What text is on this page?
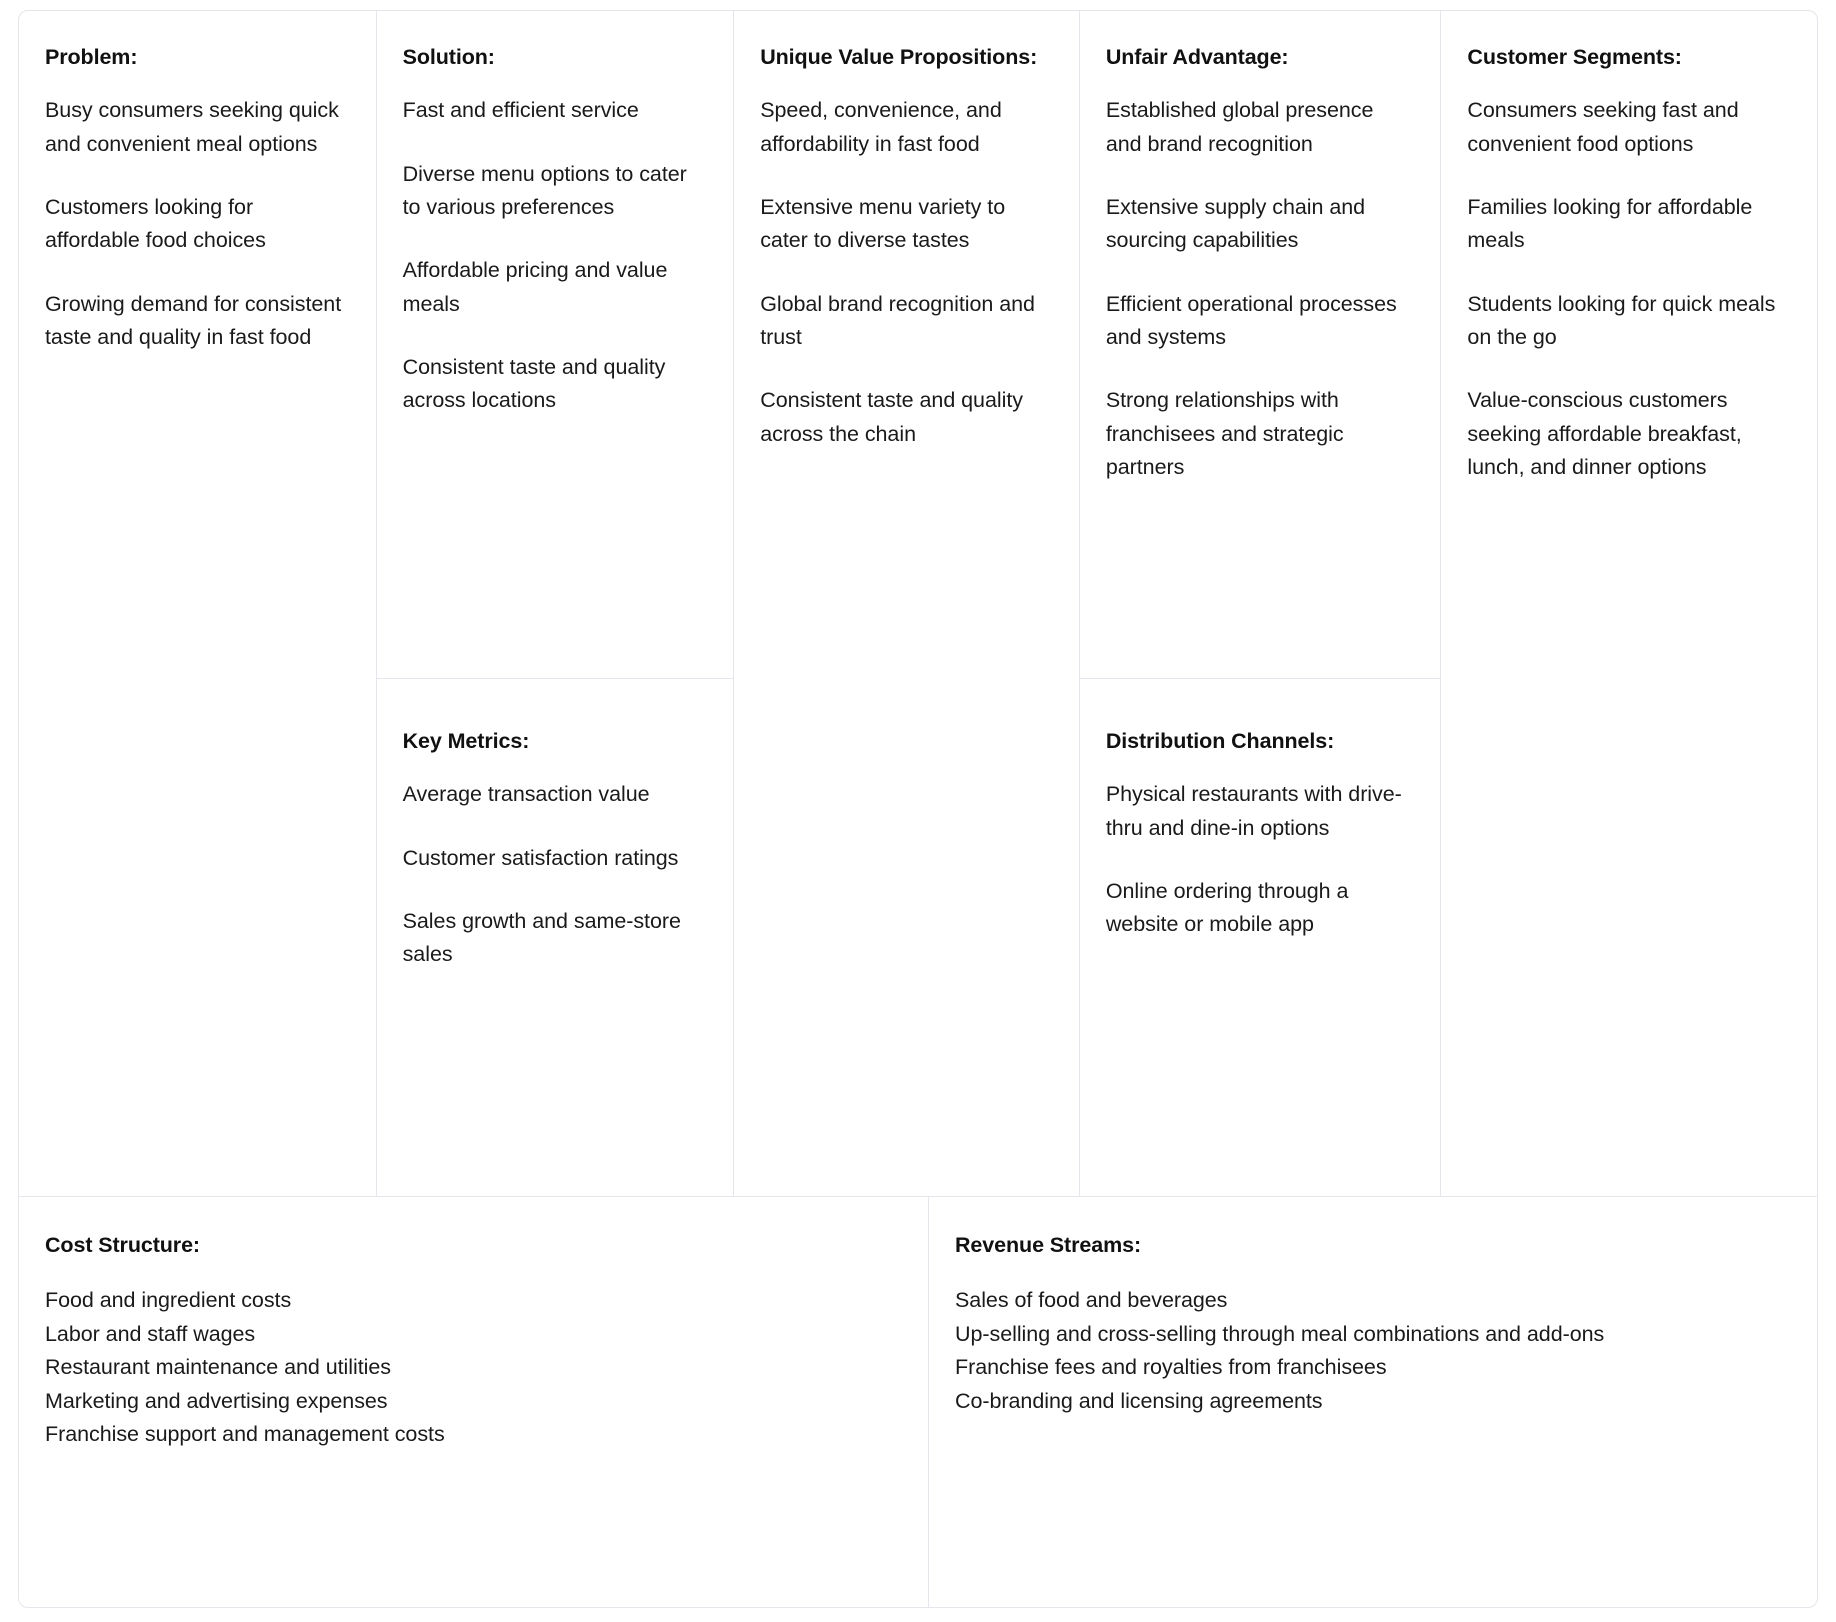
Problem:

Busy consumers seeking quick and convenient meal options

Customers looking for affordable food choices

Growing demand for consistent taste and quality in fast food

Solution:

Fast and efficient service

Diverse menu options to cater to various preferences

Affordable pricing and value meals

Consistent taste and quality across locations

Key Metrics:

Average transaction value

Customer satisfaction ratings

Sales growth and same-store sales

Unique Value Propositions:

Speed, convenience, and affordability in fast food

Extensive menu variety to cater to diverse tastes

Global brand recognition and trust

Consistent taste and quality across the chain

Unfair Advantage:

Established global presence and brand recognition

Extensive supply chain and sourcing capabilities

Efficient operational processes and systems

Strong relationships with franchisees and strategic partners

Distribution Channels:

Physical restaurants with drive-thru and dine-in options

Online ordering through a website or mobile app

Customer Segments:

Consumers seeking fast and convenient food options

Families looking for affordable meals

Students looking for quick meals on the go

Value-conscious customers seeking affordable breakfast, lunch, and dinner options

Cost Structure:

Food and ingredient costs

Labor and staff wages

Restaurant maintenance and utilities

Marketing and advertising expenses

Franchise support and management costs

Revenue Streams:

Sales of food and beverages

Up-selling and cross-selling through meal combinations and add-ons

Franchise fees and royalties from franchisees

Co-branding and licensing agreements
